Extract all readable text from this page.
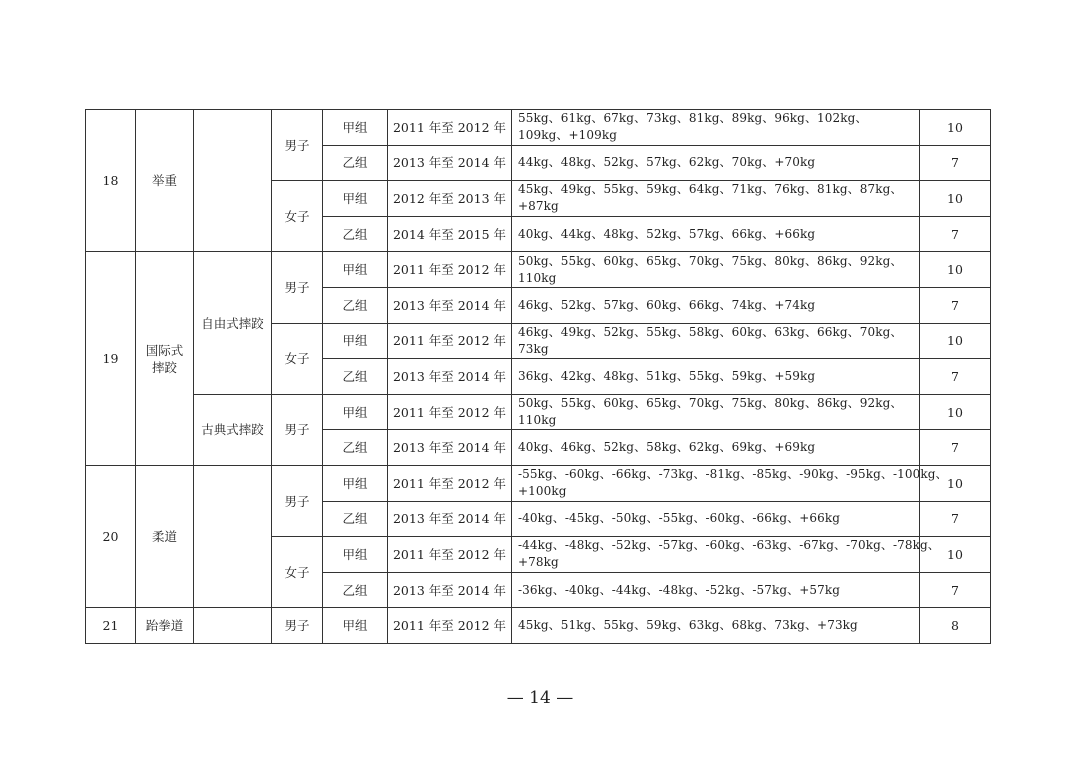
18	举重		男子	甲组	2011 年至 2012 年	55kg、61kg、67kg、73kg、81kg、89kg、96kg、102kg、109kg、+109kg	10
				乙组	2013 年至 2014 年	44kg、48kg、52kg、57kg、62kg、70kg、+70kg	7
			女子	甲组	2012 年至 2013 年	45kg、49kg、55kg、59kg、64kg、71kg、76kg、81kg、87kg、+87kg	10
				乙组	2014 年至 2015 年	40kg、44kg、48kg、52kg、57kg、66kg、+66kg	7
19	国际式摔跤	自由式摔跤	男子	甲组	2011 年至 2012 年	50kg、55kg、60kg、65kg、70kg、75kg、80kg、86kg、92kg、110kg	10
				乙组	2013 年至 2014 年	46kg、52kg、57kg、60kg、66kg、74kg、+74kg	7
			女子	甲组	2011 年至 2012 年	46kg、49kg、52kg、55kg、58kg、60kg、63kg、66kg、70kg、73kg	10
				乙组	2013 年至 2014 年	36kg、42kg、48kg、51kg、55kg、59kg、+59kg	7
		古典式摔跤	男子	甲组	2011 年至 2012 年	50kg、55kg、60kg、65kg、70kg、75kg、80kg、86kg、92kg、110kg	10
				乙组	2013 年至 2014 年	40kg、46kg、52kg、58kg、62kg、69kg、+69kg	7
20	柔道		男子	甲组	2011 年至 2012 年	-55kg、-60kg、-66kg、-73kg、-81kg、-85kg、-90kg、-95kg、-100kg、+100kg	10
				乙组	2013 年至 2014 年	-40kg、-45kg、-50kg、-55kg、-60kg、-66kg、+66kg	7
			女子	甲组	2011 年至 2012 年	-44kg、-48kg、-52kg、-57kg、-60kg、-63kg、-67kg、-70kg、-78kg、+78kg	10
				乙组	2013 年至 2014 年	-36kg、-40kg、-44kg、-48kg、-52kg、-57kg、+57kg	7
21	跆拳道		男子	甲组	2011 年至 2012 年	45kg、51kg、55kg、59kg、63kg、68kg、73kg、+73kg	8
— 14 —
